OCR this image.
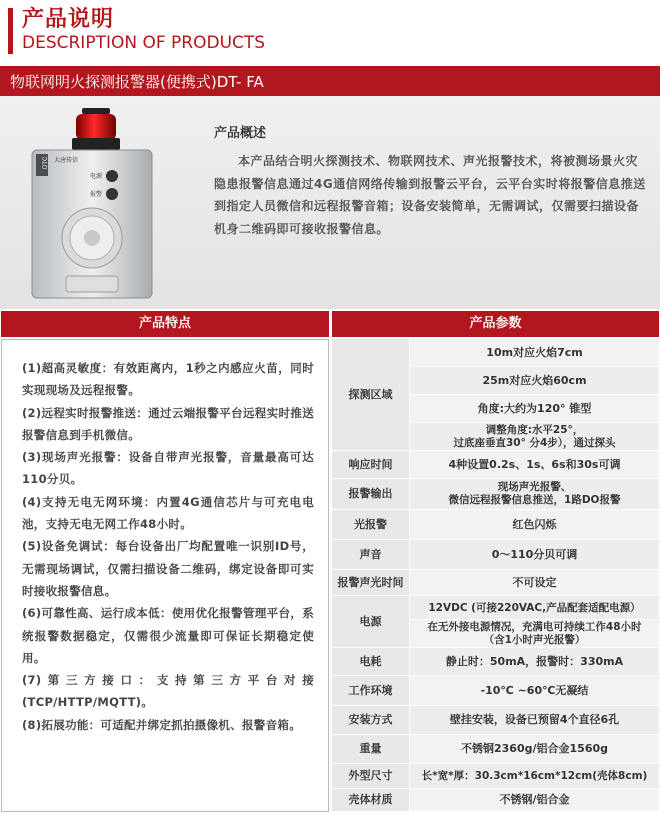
产品说明
DESCRIPTION OF PRODUCTS
物联网明火探测报警器(便携式)DT- FA
DTC 大唐传信
电源
报警
产品概述
本产品结合明火探测技术、物联网技术、声光报警技术，将被测场景火灾隐患报警信息通过4G通信网络传输到报警云平台，云平台实时将报警信息推送到指定人员微信和远程报警音箱；设备安装简单，无需调试，仅需要扫描设备机身二维码即可接收报警信息。
产品特点	产品参数

(1)超高灵敏度：有效距离内，1秒之内感应火苗，同时实现现场及远程报警。

(2)远程实时报警推送：通过云端报警平台远程实时推送报警信息到手机微信。

(3)现场声光报警：设备自带声光报警，音量最高可达110分贝。

(4)支持无电无网环境：内置4G通信芯片与可充电电池，支持无电无网工作48小时。

(5)设备免调试：每台设备出厂均配置唯一识别ID号，无需现场调试，仅需扫描设备二维码，绑定设备即可实时接收报警信息。

(6)可靠性高、运行成本低：使用优化报警管理平台，系统报警数据稳定，仅需很少流量即可保证长期稳定使用。

(7)第三方接口：支持第三方平台对接(TCP/HTTP/MQTT)。

(8)拓展功能：可适配并绑定抓拍摄像机、报警音箱。

探测区域
响应时间
报警输出
光报警
声音
报警声光时间
电源
电耗
工作环境
安装方式
重量
外型尺寸
壳体材质
10m对应火焰7cm
25m对应火焰60cm
角度:大约为120° 锥型
调整角度:水平25°，
过底座垂直30° 分4步），通过探头
4种设置0.2s、1s、6s和30s可调
现场声光报警、
微信远程报警信息推送，1路DO报警
红色闪烁
0～110分贝可调
不可设定
12VDC (可接220VAC,产品配套适配电源）
在无外接电源情况，充满电可持续工作48小时
（含1小时声光报警）
静止时：50mA，报警时：330mA
-10℃ ~60℃无凝结
壁挂安装，设备已预留4个直径6孔
不锈钢2360g/铝合金1560g
长*宽*厚：30.3cm*16cm*12cm(壳体8cm)
不锈钢/铝合金
